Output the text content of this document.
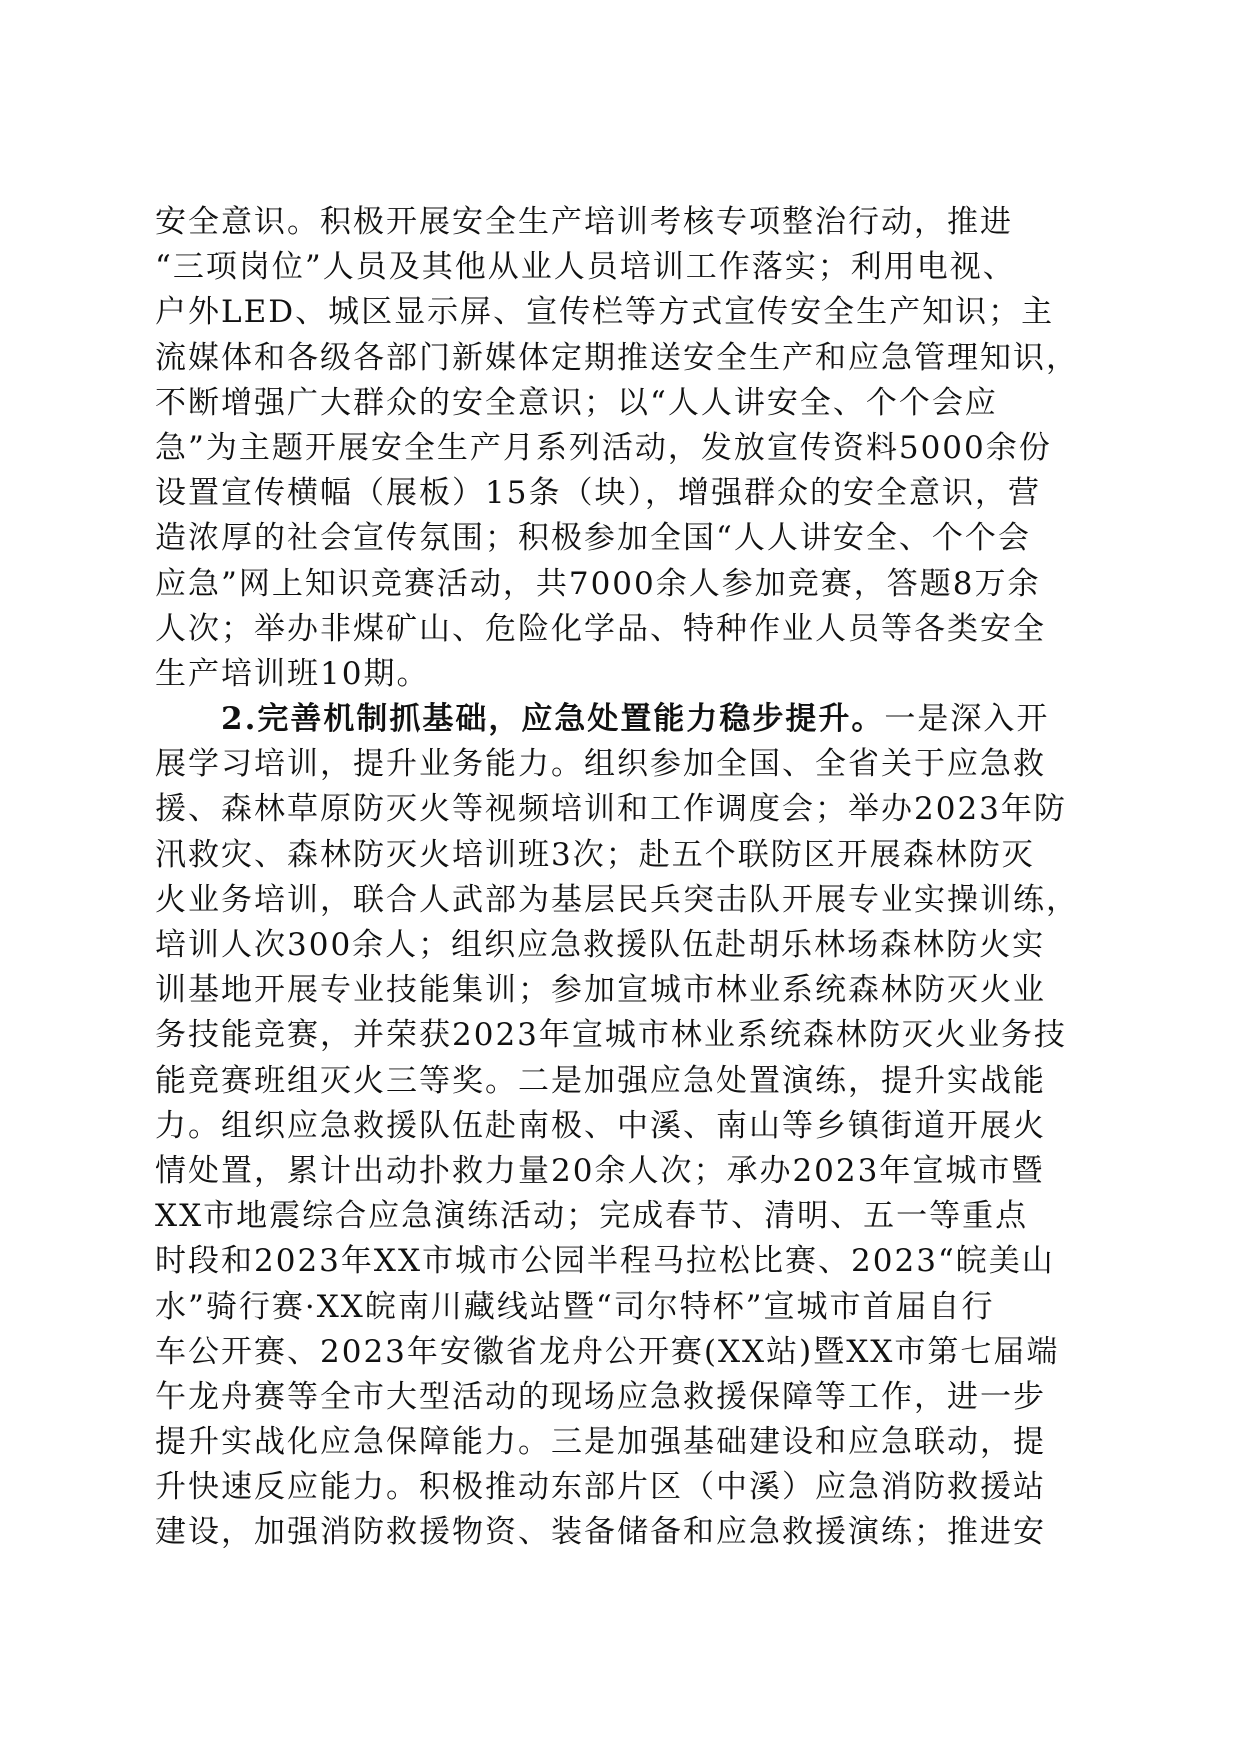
安全意识。积极开展安全生产培训考核专项整治行动，推进
“三项岗位”人员及其他从业人员培训工作落实；利用电视、
户外LED、城区显示屏、宣传栏等方式宣传安全生产知识；主
流媒体和各级各部门新媒体定期推送安全生产和应急管理知识，
不断增强广大群众的安全意识；以“人人讲安全、个个会应
急”为主题开展安全生产月系列活动，发放宣传资料5000余份
设置宣传横幅（展板）15条（块），增强群众的安全意识，营
造浓厚的社会宣传氛围；积极参加全国“人人讲安全、个个会
应急”网上知识竞赛活动，共7000余人参加竞赛，答题8万余
人次；举办非煤矿山、危险化学品、特种作业人员等各类安全
生产培训班10期。
2.完善机制抓基础，应急处置能力稳步提升。一是深入开
展学习培训，提升业务能力。组织参加全国、全省关于应急救
援、森林草原防灭火等视频培训和工作调度会；举办2023年防
汛救灾、森林防灭火培训班3次；赴五个联防区开展森林防灭
火业务培训，联合人武部为基层民兵突击队开展专业实操训练，
培训人次300余人；组织应急救援队伍赴胡乐林场森林防火实
训基地开展专业技能集训；参加宣城市林业系统森林防灭火业
务技能竞赛，并荣获2023年宣城市林业系统森林防灭火业务技
能竞赛班组灭火三等奖。二是加强应急处置演练，提升实战能
力。组织应急救援队伍赴南极、中溪、南山等乡镇街道开展火
情处置，累计出动扑救力量20余人次；承办2023年宣城市暨
XX市地震综合应急演练活动；完成春节、清明、五一等重点
时段和2023年XX市城市公园半程马拉松比赛、2023“皖美山
水”骑行赛·XX皖南川藏线站暨“司尔特杯”宣城市首届自行
车公开赛、2023年安徽省龙舟公开赛(XX站)暨XX市第七届端
午龙舟赛等全市大型活动的现场应急救援保障等工作，进一步
提升实战化应急保障能力。三是加强基础建设和应急联动，提
升快速反应能力。积极推动东部片区（中溪）应急消防救援站
建设，加强消防救援物资、装备储备和应急救援演练；推进安
